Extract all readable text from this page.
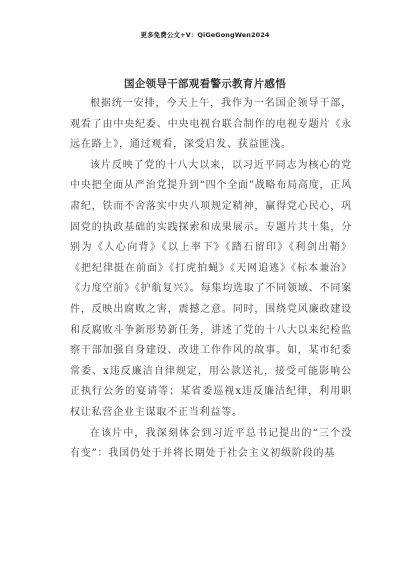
更多免费公文+V：QiGeGongWen2024
国企领导干部观看警示教育片感悟

根据统一安排，今天上午，我作为一名国企领导干部，观看了由中央纪委、中央电视台联合制作的电视专题片《永远在路上》，通过观看，深受启发、获益匪浅。

该片反映了党的十八大以来，以习近平同志为核心的党中央把全面从严治党提升到“四个全面”战略布局高度，正风肃纪，铁而不舍落实中央八项规定精神，赢得党心民心，巩固党的执政基础的实践探索和成果展示。专题片共十集，分别为《人心向背》《以上率下》《踏石留印》《利剑出鞘》《把纪律挺在前面》《打虎拍蝇》《天网追逃》《标本兼治》《力度空前》《护航复兴》。每集均选取了不同领域、不同案件，反映出腐败之害，震撼之意。同时，围绕党风廉政建设和反腐败斗争新形势新任务，讲述了党的十八大以来纪检监察干部加强自身建设、改进工作作风的故事。如，某市纪委常委、x违反廉洁自律规定，用公款送礼，接受可能影响公正执行公务的宴请等；某省委巡视x违反廉洁纪律，利用职权让私营企业主谋取不正当利益等。

在该片中，我深刻体会到习近平总书记提出的“三个没有变”：我国仍处于并将长期处于社会主义初级阶段的基
